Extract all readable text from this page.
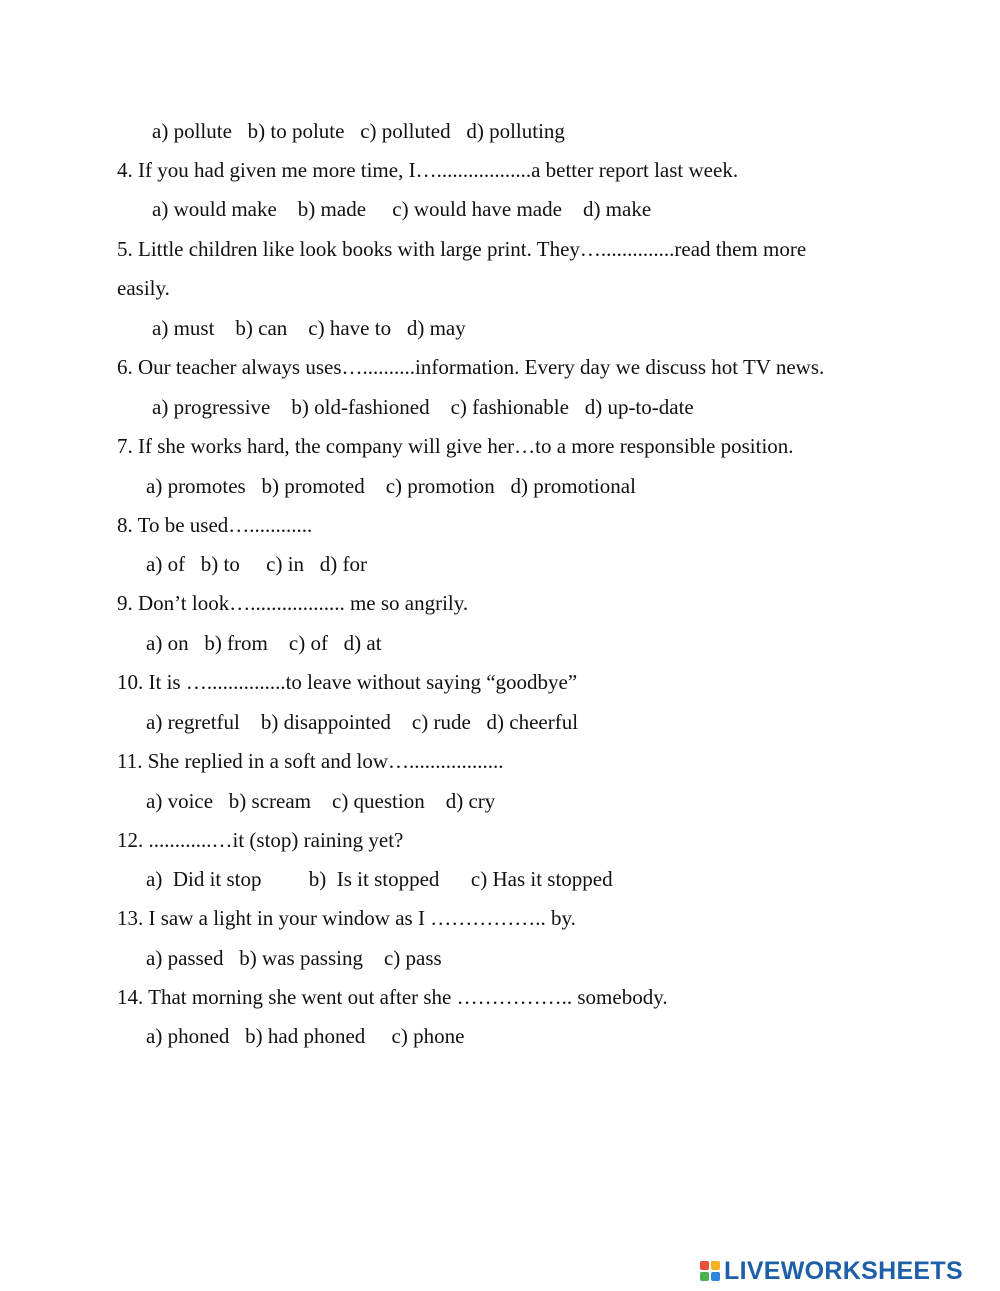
a) pollute   b) to polute   c) polluted   d) polluting

4. If you had given me more time, I…..................a better report last week.

a) would make    b) made     c) would have made    d) make

5. Little children like look books with large print. They…..............read them more

easily.

a) must    b) can    c) have to   d) may

6. Our teacher always uses…..........information. Every day we discuss hot TV news.

a) progressive    b) old-fashioned    c) fashionable   d) up-to-date

7. If she works hard, the company will give her…to a more responsible position.

a) promotes   b) promoted    c) promotion   d) promotional

8. To be used…............

a) of   b) to     c) in   d) for

9. Don’t look….................. me so angrily.

a) on   b) from    c) of   d) at

10. It is …...............to leave without saying “goodbye”

a) regretful    b) disappointed    c) rude   d) cheerful

11. She replied in a soft and low…..................

a) voice   b) scream    c) question    d) cry

12. ............…it (stop) raining yet?

a)  Did it stop         b)  Is it stopped      c) Has it stopped

13. I saw a light in your window as I …………….. by.

a) passed   b) was passing    c) pass

14. That morning she went out after she …………….. somebody.

a) phoned   b) had phoned     c) phone

LIVEWORKSHEETS
